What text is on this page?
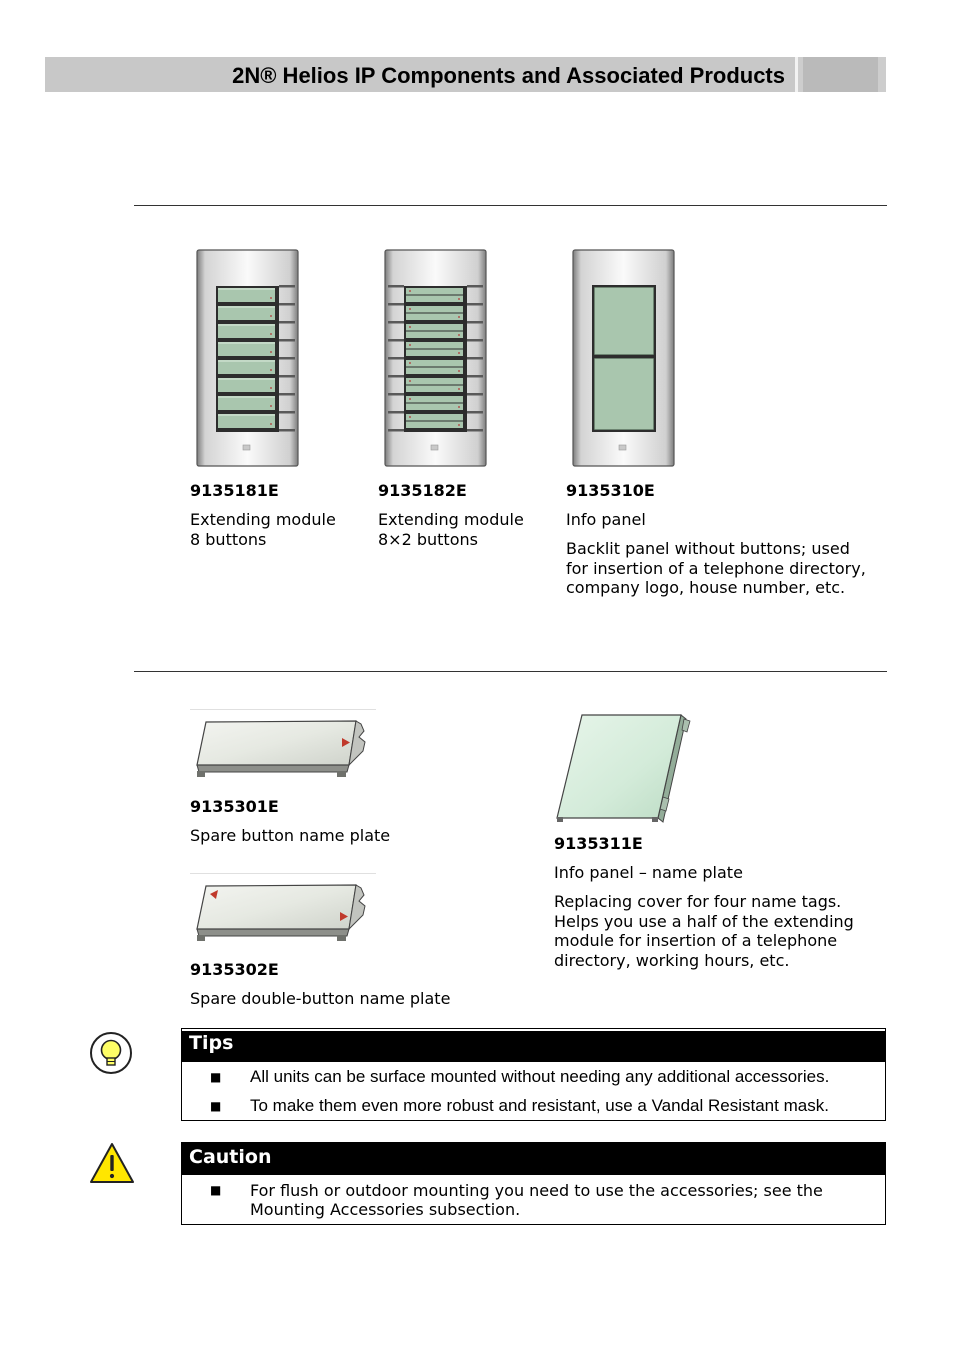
2N® Helios IP Components and Associated Products
9135181E
Extending module
8 buttons
9135182E
Extending module
8×2 buttons
9135310E
Info panel
Backlit panel without buttons; used for insertion of a telephone directory, company logo, house number, etc.
9135301E
Spare button name plate
9135302E
Spare double-button name plate
9135311E
Info panel – name plate
Replacing cover for four name tags. Helps you use a half of the extending module for insertion of a telephone directory, working hours, etc.
Tips
■ All units can be surface mounted without needing any additional accessories.
■ To make them even more robust and resistant, use a Vandal Resistant mask.
Caution
■ For flush or outdoor mounting you need to use the accessories; see the Mounting Accessories subsection.
